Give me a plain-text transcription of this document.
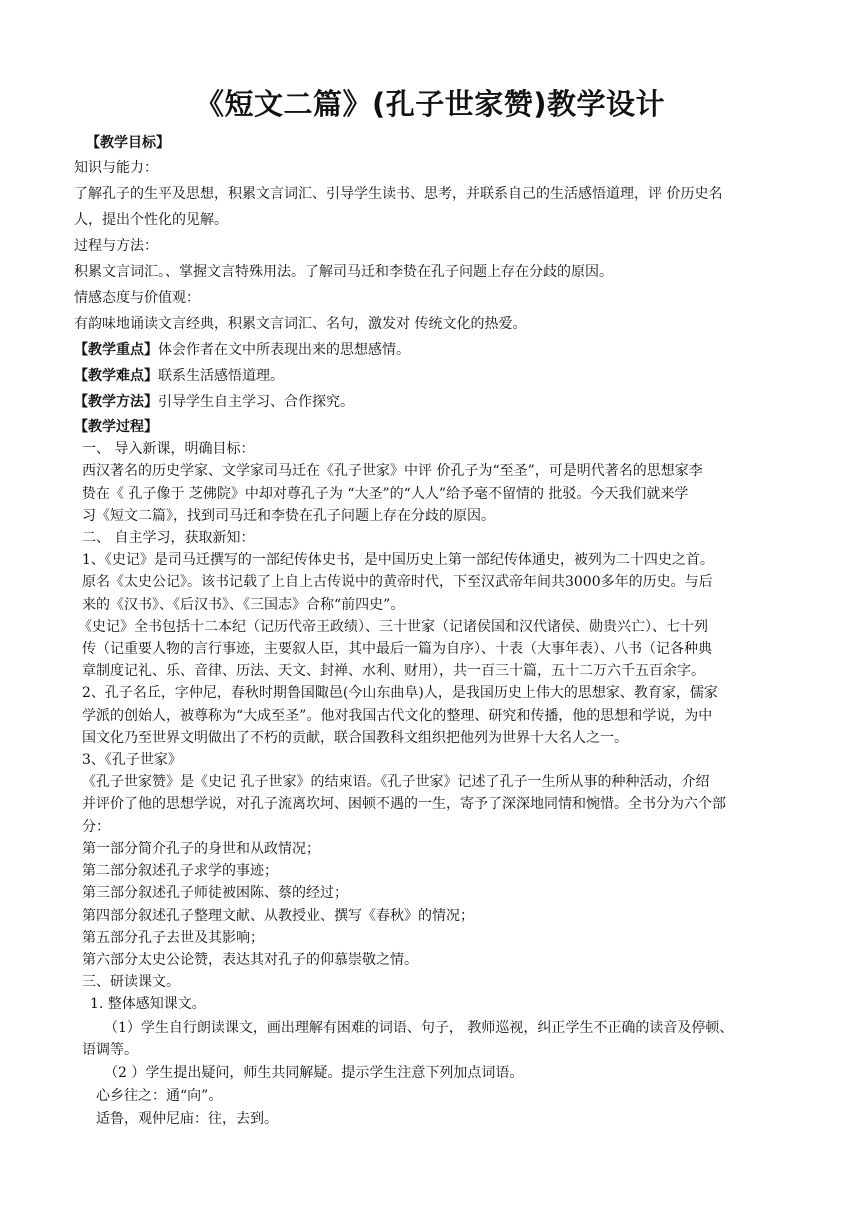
《短文二篇》(孔子世家赞)教学设计
【教学目标】
知识与能力：
了解孔子的生平及思想，积累文言词汇、引导学生读书、思考，并联系自己的生活感悟道理，评 价历史名
人，提出个性化的见解。
过程与方法：
积累文言词汇。、掌握文言特殊用法。了解司马迁和李贽在孔子问题上存在分歧的原因。
情感态度与价值观：
有韵味地诵读文言经典，积累文言词汇、名句，激发对 传统文化的热爱。
【教学重点】体会作者在文中所表现出来的思想感情。
【教学难点】联系生活感悟道理。
【教学方法】引导学生自主学习、合作探究。
【教学过程】
一、 导入新课，明确目标：
西汉著名的历史学家、文学家司马迁在《孔子世家》中评 价孔子为“至圣”，可是明代著名的思想家李
贽在《 孔子像于 芝佛院》中却对尊孔子为 “大圣”的“人人”给予毫不留情的 批驳。今天我们就来学
习《短文二篇》，找到司马迁和李贽在孔子问题上存在分歧的原因。
二、 自主学习，获取新知：
1、《史记》是司马迁撰写的一部纪传体史书，是中国历史上第一部纪传体通史，被列为二十四史之首。
原名《太史公记》。该书记载了上自上古传说中的黄帝时代，下至汉武帝年间共3000多年的历史。与后
来的《汉书》、《后汉书》、《三国志》合称“前四史”。
《史记》全书包括十二本纪（记历代帝王政绩）、三十世家（记诸侯国和汉代诸侯、勋贵兴亡）、七十列
传（记重要人物的言行事迹，主要叙人臣，其中最后一篇为自序）、十表（大事年表）、八书（记各种典
章制度记礼、乐、音律、历法、天文、封禅、水利、财用），共一百三十篇，五十二万六千五百余字。
2、孔子名丘，字仲尼，春秋时期鲁国陬邑(今山东曲阜)人，是我国历史上伟大的思想家、教育家，儒家
学派的创始人，被尊称为“大成至圣”。他对我国古代文化的整理、研究和传播，他的思想和学说，为中
国文化乃至世界文明做出了不朽的贡献，联合国教科文组织把他列为世界十大名人之一。
3、《孔子世家》
《孔子世家赞》是《史记 孔子世家》的结束语。《孔子世家》记述了孔子一生所从事的种种活动，介绍
并评价了他的思想学说，对孔子流离坎坷、困顿不遇的一生，寄予了深深地同情和惋惜。全书分为六个部
分：
第一部分简介孔子的身世和从政情况；
第二部分叙述孔子求学的事迹；
第三部分叙述孔子师徒被困陈、蔡的经过；
第四部分叙述孔子整理文献、从教授业、撰写《春秋》的情况；
第五部分孔子去世及其影响；
第六部分太史公论赞，表达其对孔子的仰慕崇敬之情。
三、研读课文。
1. 整体感知课文。
（1）学生自行朗读课文，画出理解有困难的词语、句子， 教师巡视，纠正学生不正确的读音及停顿、
语调等。
（2 ）学生提出疑问，师生共同解疑。提示学生注意下列加点词语。
心乡往之：通“向”。
适鲁，观仲尼庙：往，去到。
